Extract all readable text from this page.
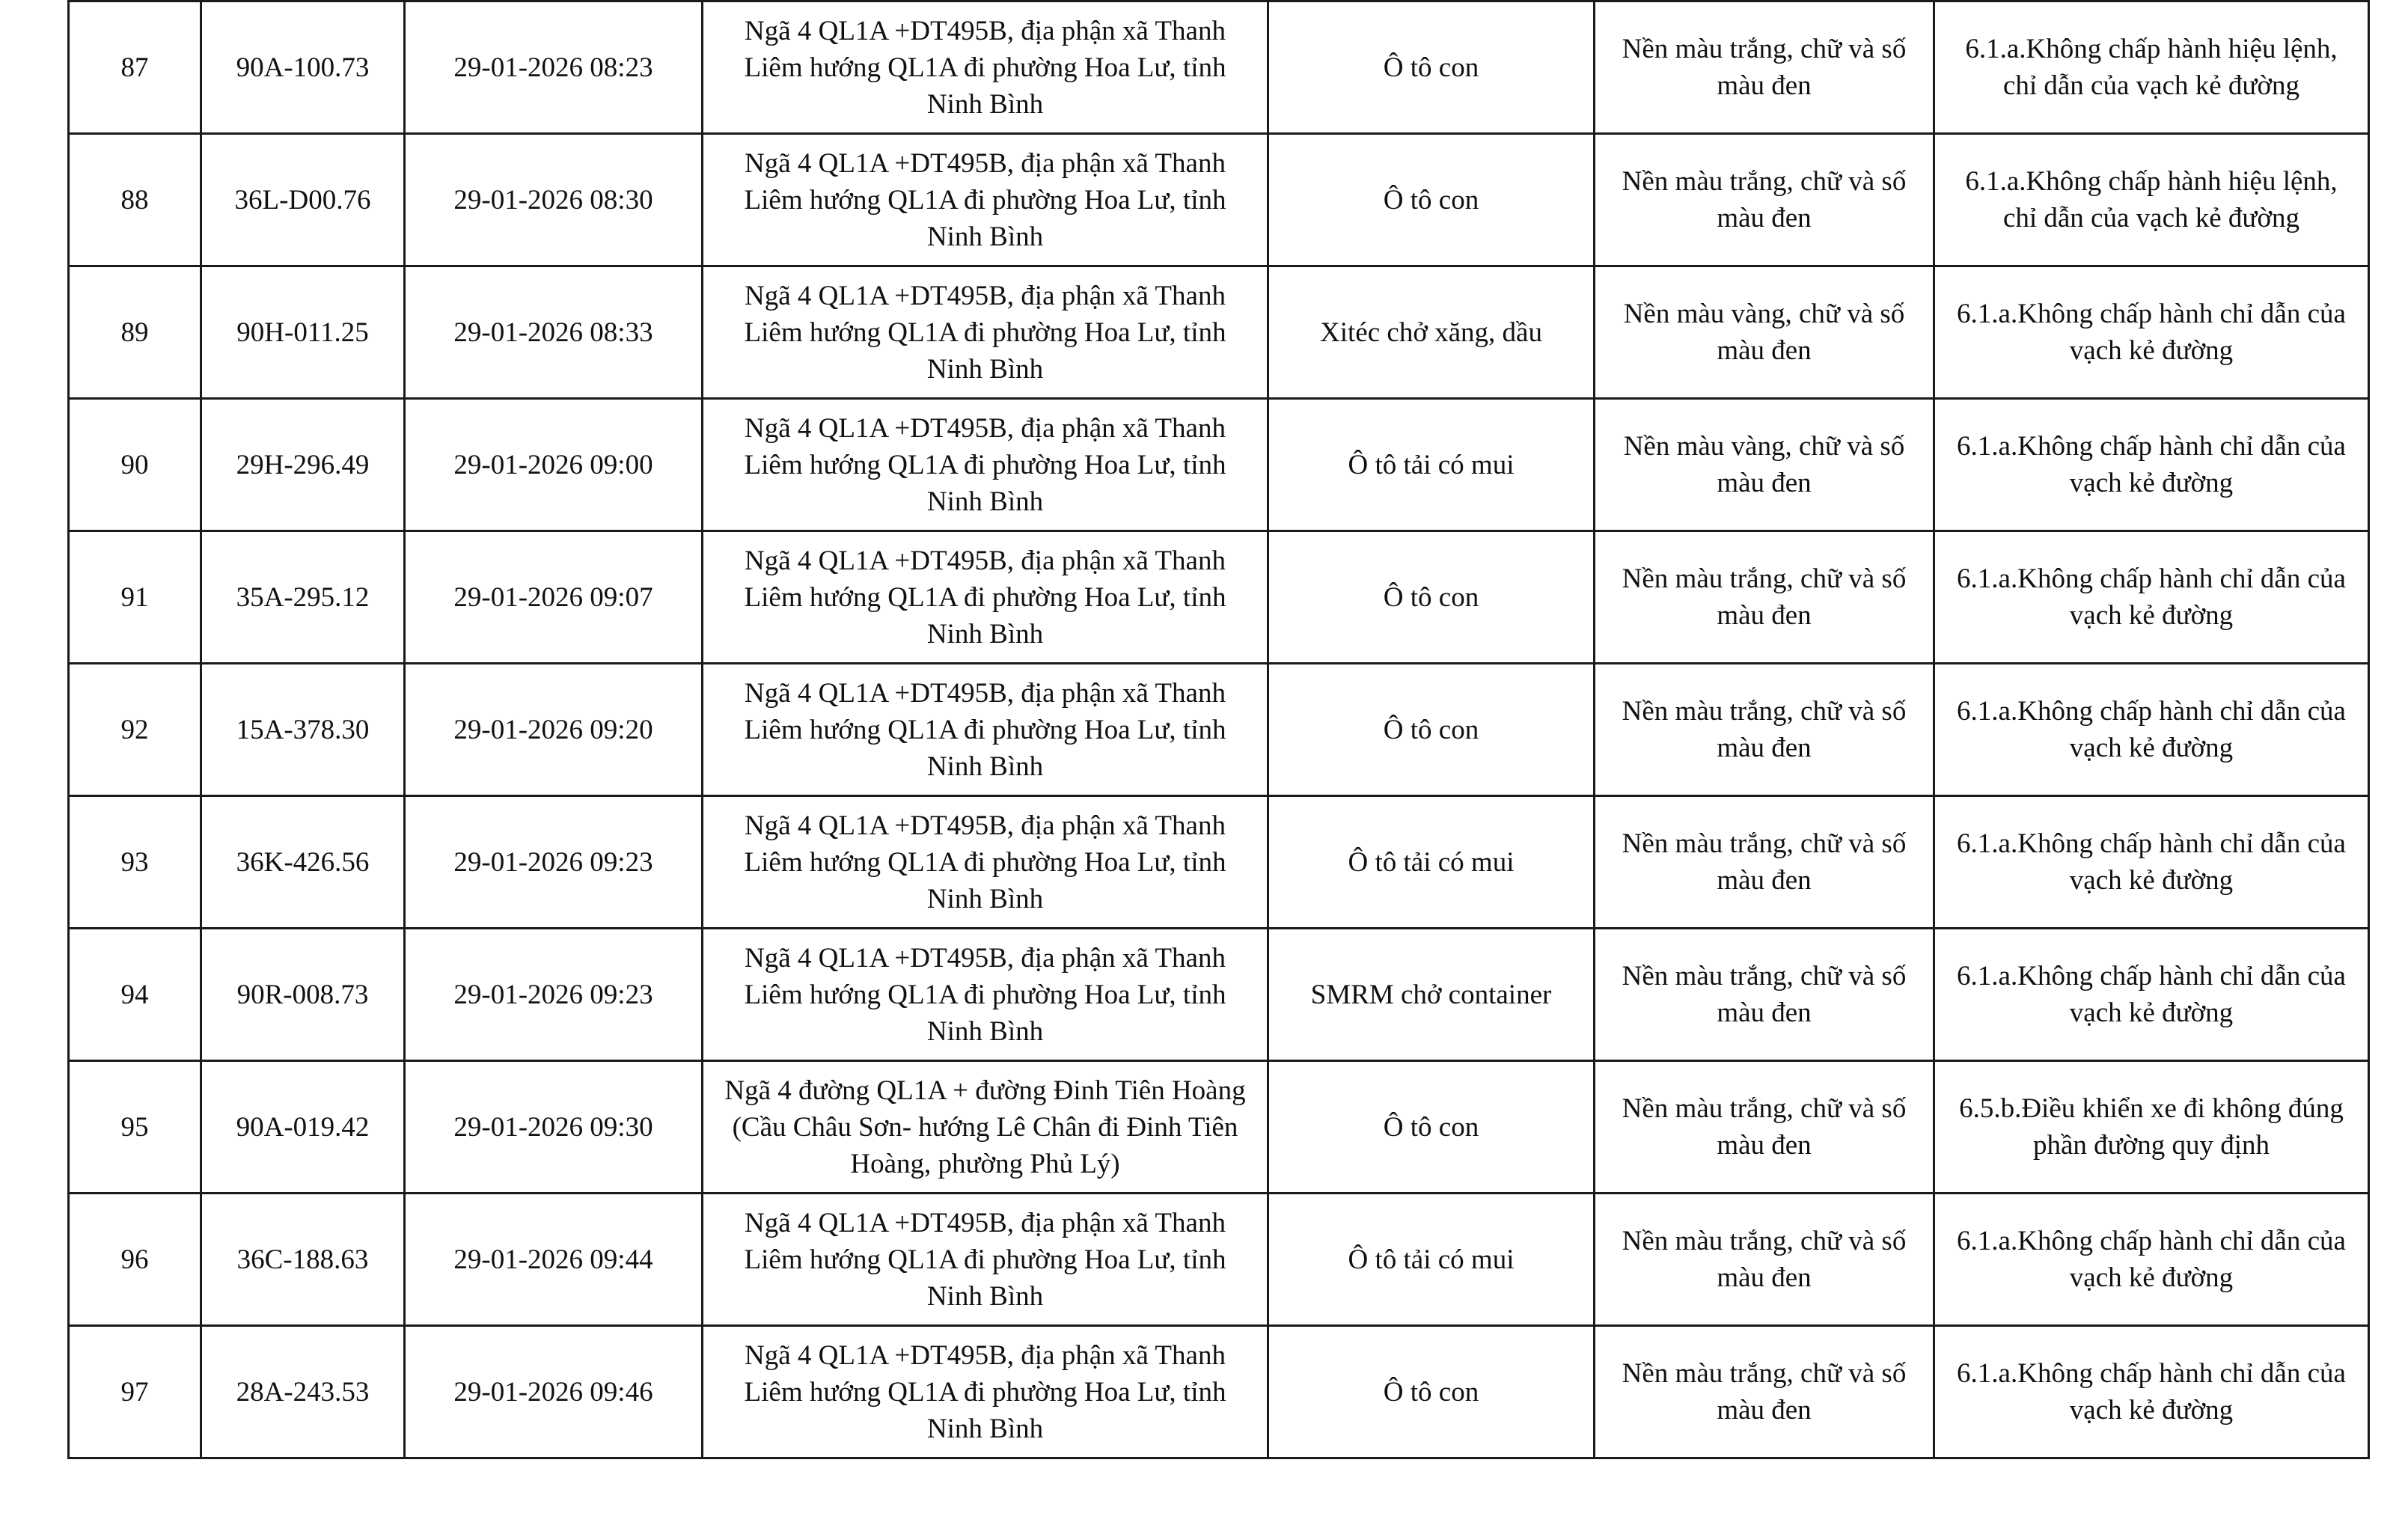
87	90A-100.73	29-01-2026 08:23	Ngã 4 QL1A +DT495B, địa phận xã Thanh Liêm hướng QL1A đi phường Hoa Lư, tỉnh Ninh Bình	Ô tô con	Nền màu trắng, chữ và số màu đen	6.1.a.Không chấp hành hiệu lệnh, chỉ dẫn của vạch kẻ đường
88	36L-D00.76	29-01-2026 08:30	Ngã 4 QL1A +DT495B, địa phận xã Thanh Liêm hướng QL1A đi phường Hoa Lư, tỉnh Ninh Bình	Ô tô con	Nền màu trắng, chữ và số màu đen	6.1.a.Không chấp hành hiệu lệnh, chỉ dẫn của vạch kẻ đường
89	90H-011.25	29-01-2026 08:33	Ngã 4 QL1A +DT495B, địa phận xã Thanh Liêm hướng QL1A đi phường Hoa Lư, tỉnh Ninh Bình	Xitéc chở xăng, dầu	Nền màu vàng, chữ và số màu đen	6.1.a.Không chấp hành chỉ dẫn của vạch kẻ đường
90	29H-296.49	29-01-2026 09:00	Ngã 4 QL1A +DT495B, địa phận xã Thanh Liêm hướng QL1A đi phường Hoa Lư, tỉnh Ninh Bình	Ô tô tải có mui	Nền màu vàng, chữ và số màu đen	6.1.a.Không chấp hành chỉ dẫn của vạch kẻ đường
91	35A-295.12	29-01-2026 09:07	Ngã 4 QL1A +DT495B, địa phận xã Thanh Liêm hướng QL1A đi phường Hoa Lư, tỉnh Ninh Bình	Ô tô con	Nền màu trắng, chữ và số màu đen	6.1.a.Không chấp hành chỉ dẫn của vạch kẻ đường
92	15A-378.30	29-01-2026 09:20	Ngã 4 QL1A +DT495B, địa phận xã Thanh Liêm hướng QL1A đi phường Hoa Lư, tỉnh Ninh Bình	Ô tô con	Nền màu trắng, chữ và số màu đen	6.1.a.Không chấp hành chỉ dẫn của vạch kẻ đường
93	36K-426.56	29-01-2026 09:23	Ngã 4 QL1A +DT495B, địa phận xã Thanh Liêm hướng QL1A đi phường Hoa Lư, tỉnh Ninh Bình	Ô tô tải có mui	Nền màu trắng, chữ và số màu đen	6.1.a.Không chấp hành chỉ dẫn của vạch kẻ đường
94	90R-008.73	29-01-2026 09:23	Ngã 4 QL1A +DT495B, địa phận xã Thanh Liêm hướng QL1A đi phường Hoa Lư, tỉnh Ninh Bình	SMRM chở container	Nền màu trắng, chữ và số màu đen	6.1.a.Không chấp hành chỉ dẫn của vạch kẻ đường
95	90A-019.42	29-01-2026 09:30	Ngã 4 đường QL1A + đường Đinh Tiên Hoàng (Cầu Châu Sơn- hướng Lê Chân đi Đinh Tiên Hoàng, phường Phủ Lý)	Ô tô con	Nền màu trắng, chữ và số màu đen	6.5.b.Điều khiển xe đi không đúng phần đường quy định
96	36C-188.63	29-01-2026 09:44	Ngã 4 QL1A +DT495B, địa phận xã Thanh Liêm hướng QL1A đi phường Hoa Lư, tỉnh Ninh Bình	Ô tô tải có mui	Nền màu trắng, chữ và số màu đen	6.1.a.Không chấp hành chỉ dẫn của vạch kẻ đường
97	28A-243.53	29-01-2026 09:46	Ngã 4 QL1A +DT495B, địa phận xã Thanh Liêm hướng QL1A đi phường Hoa Lư, tỉnh Ninh Bình	Ô tô con	Nền màu trắng, chữ và số màu đen	6.1.a.Không chấp hành chỉ dẫn của vạch kẻ đường
